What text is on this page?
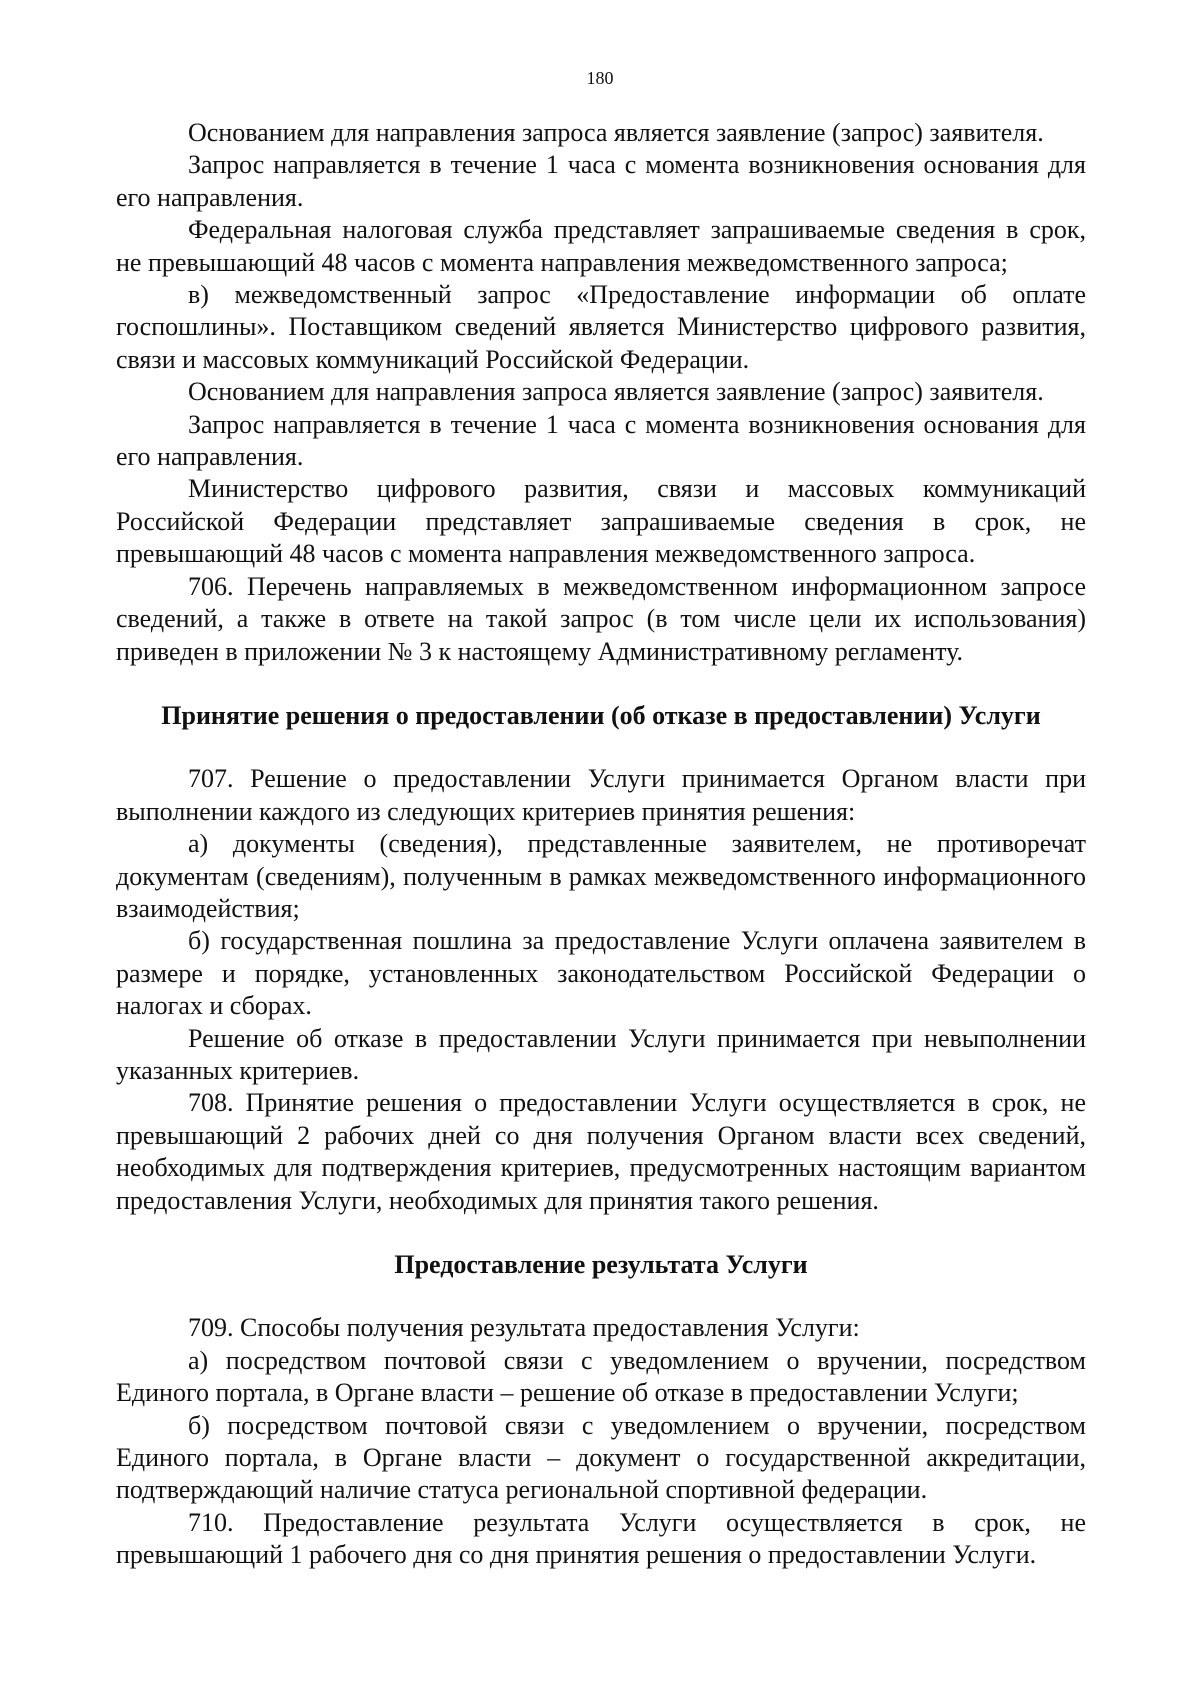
180

Основанием для направления запроса является заявление (запрос) заявителя.

Запрос направляется в течение 1 часа с момента возникновения основания для его направления.

Федеральная налоговая служба представляет запрашиваемые сведения в срок, не превышающий 48 часов с момента направления межведомственного запроса;

в) межведомственный запрос «Предоставление информации об оплате госпошлины». Поставщиком сведений является Министерство цифрового развития, связи и массовых коммуникаций Российской Федерации.

Основанием для направления запроса является заявление (запрос) заявителя.

Запрос направляется в течение 1 часа с момента возникновения основания для его направления.

Министерство цифрового развития, связи и массовых коммуникаций Российской Федерации представляет запрашиваемые сведения в срок, не превышающий 48 часов с момента направления межведомственного запроса.

706. Перечень направляемых в межведомственном информационном запросе сведений, а также в ответе на такой запрос (в том числе цели их использования) приведен в приложении № 3 к настоящему Административному регламенту.

Принятие решения о предоставлении (об отказе в предоставлении) Услуги

707. Решение о предоставлении Услуги принимается Органом власти при выполнении каждого из следующих критериев принятия решения:

а) документы (сведения), представленные заявителем, не противоречат документам (сведениям), полученным в рамках межведомственного информационного взаимодействия;

б) государственная пошлина за предоставление Услуги оплачена заявителем в размере и порядке, установленных законодательством Российской Федерации о налогах и сборах.

Решение об отказе в предоставлении Услуги принимается при невыполнении указанных критериев.

708. Принятие решения о предоставлении Услуги осуществляется в срок, не превышающий 2 рабочих дней со дня получения Органом власти всех сведений, необходимых для подтверждения критериев, предусмотренных настоящим вариантом предоставления Услуги, необходимых для принятия такого решения.

Предоставление результата Услуги

709. Способы получения результата предоставления Услуги:

а) посредством почтовой связи с уведомлением о вручении, посредством Единого портала, в Органе власти – решение об отказе в предоставлении Услуги;

б) посредством почтовой связи с уведомлением о вручении, посредством Единого портала, в Органе власти – документ о государственной аккредитации, подтверждающий наличие статуса региональной спортивной федерации.

710. Предоставление результата Услуги осуществляется в срок, не превышающий 1 рабочего дня со дня принятия решения о предоставлении Услуги.
